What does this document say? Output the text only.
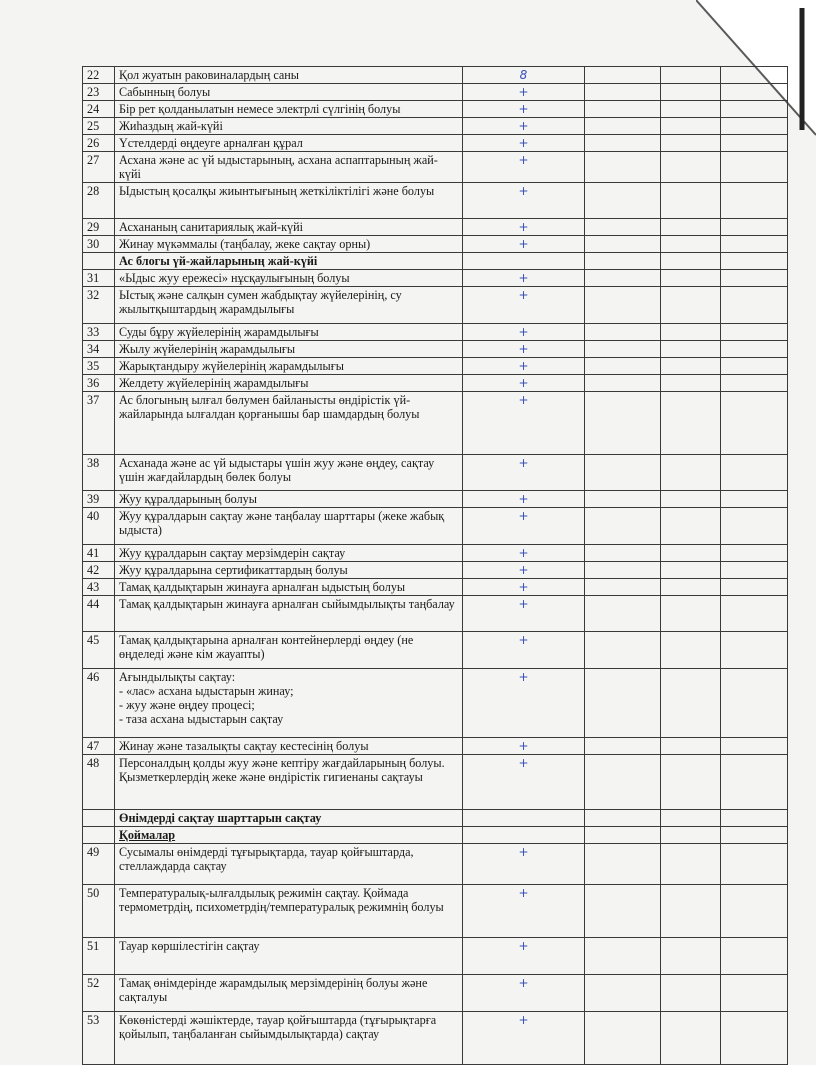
22	Қол жуатын раковиналардың саны	8			
23	Сабынның болуы	+			
24	Бір рет қолданылатын немесе электрлі сүлгінің болуы	+			
25	Жиһаздың жай-күйі	+			
26	Үстелдерді өңдеуге арналған құрал	+			
27	Асхана және ас үй ыдыстарының, асхана аспаптарының жай-күйі	+			
28	Ыдыстың қосалқы жиынтығының жеткіліктілігі және болуы	+			
29	Асхананың санитариялық жай-күйі	+			
30	Жинау мүкәммалы (таңбалау, жеке сақтау орны)	+			
	Ас блогы үй-жайларының жай-күйі				
31	«Ыдыс жуу ережесі» нұсқаулығының болуы	+			
32	Ыстық және салқын сумен жабдықтау жүйелерінің, су жылытқыштардың жарамдылығы	+			
33	Суды бұру жүйелерінің жарамдылығы	+			
34	Жылу жүйелерінің жарамдылығы	+			
35	Жарықтандыру жүйелерінің жарамдылығы	+			
36	Желдету жүйелерінің жарамдылығы	+			
37	Ас блогының ылғал бөлумен байланысты өндірістік үй-жайларында ылғалдан қорғанышы бар шамдардың болуы	+			
38	Асханада және ас үй ыдыстары үшін жуу және өңдеу, сақтау үшін жағдайлардың бөлек болуы	+			
39	Жуу құралдарының болуы	+			
40	Жуу құралдарын сақтау және таңбалау шарттары (жеке жабық ыдыста)	+			
41	Жуу құралдарын сақтау мерзімдерін сақтау	+			
42	Жуу құралдарына сертификаттардың болуы	+			
43	Тамақ қалдықтарын жинауға арналған ыдыстың болуы	+			
44	Тамақ қалдықтарын жинауға арналған сыйымдылықты таңбалау	+			
45	Тамақ қалдықтарына арналған контейнерлерді өңдеу (не өңделеді және кім жауапты)	+			
46	Ағындылықты сақтау:
- «лас» асхана ыдыстарын жинау;
- жуу және өңдеу процесі;
- таза асхана ыдыстарын сақтау	+			
47	Жинау және тазалықты сақтау кестесінің болуы	+			
48	Персоналдың қолды жуу және кептіру жағдайларының болуы. Қызметкерлердің жеке және өндірістік гигиенаны сақтауы	+			
	Өнімдерді сақтау шарттарын сақтау				
	Қоймалар				
49	Сусымалы өнімдерді тұғырықтарда, тауар қойғыштарда, стеллаждарда сақтау	+			
50	Температуралық-ылғалдылық режимін сақтау. Қоймада термометрдің, психометрдің/температуралық режимнің болуы	+			
51	Тауар көршілестігін сақтау	+			
52	Тамақ өнімдерінде жарамдылық мерзімдерінің болуы және сақталуы	+			
53	Көкөністерді жәшіктерде, тауар қойғыштарда (тұғырықтарға қойылып, таңбаланған сыйымдылықтарда) сақтау	+			
